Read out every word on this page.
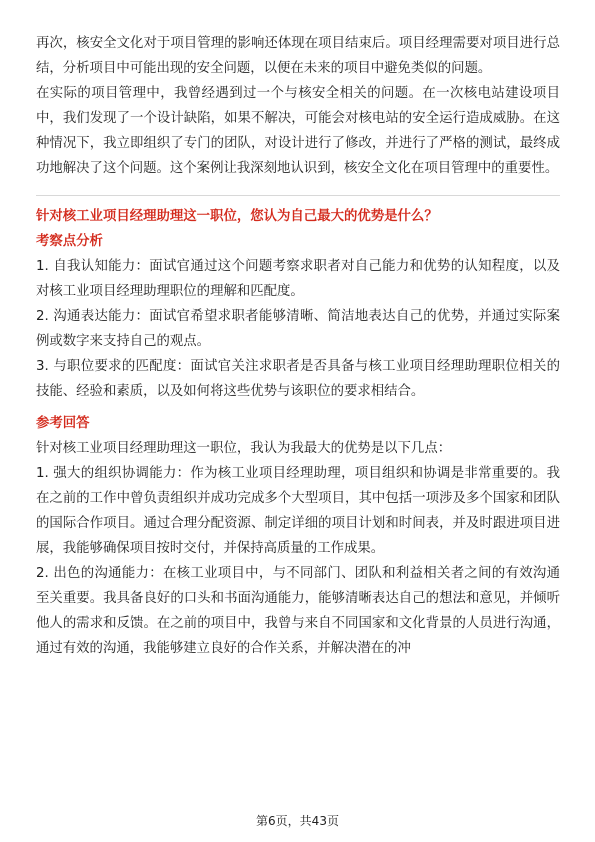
再次，核安全文化对于项目管理的影响还体现在项目结束后。项目经理需要对项目进行总结，分析项目中可能出现的安全问题，以便在未来的项目中避免类似的问题。

在实际的项目管理中，我曾经遇到过一个与核安全相关的问题。在一次核电站建设项目中，我们发现了一个设计缺陷，如果不解决，可能会对核电站的安全运行造成威胁。在这种情况下，我立即组织了专门的团队，对设计进行了修改，并进行了严格的测试，最终成功地解决了这个问题。这个案例让我深刻地认识到，核安全文化在项目管理中的重要性。

针对核工业项目经理助理这一职位，您认为自己最大的优势是什么？

考察点分析

1. 自我认知能力：面试官通过这个问题考察求职者对自己能力和优势的认知程度，以及对核工业项目经理助理职位的理解和匹配度。

2. 沟通表达能力：面试官希望求职者能够清晰、简洁地表达自己的优势，并通过实际案例或数字来支持自己的观点。

3. 与职位要求的匹配度：面试官关注求职者是否具备与核工业项目经理助理职位相关的技能、经验和素质，以及如何将这些优势与该职位的要求相结合。

参考回答

针对核工业项目经理助理这一职位，我认为我最大的优势是以下几点：

1. 强大的组织协调能力：作为核工业项目经理助理，项目组织和协调是非常重要的。我在之前的工作中曾负责组织并成功完成多个大型项目，其中包括一项涉及多个国家和团队的国际合作项目。通过合理分配资源、制定详细的项目计划和时间表，并及时跟进项目进展，我能够确保项目按时交付，并保持高质量的工作成果。

2. 出色的沟通能力：在核工业项目中，与不同部门、团队和利益相关者之间的有效沟通至关重要。我具备良好的口头和书面沟通能力，能够清晰表达自己的想法和意见，并倾听他人的需求和反馈。在之前的项目中，我曾与来自不同国家和文化背景的人员进行沟通，通过有效的沟通，我能够建立良好的合作关系，并解决潜在的冲

第6页，共43页
